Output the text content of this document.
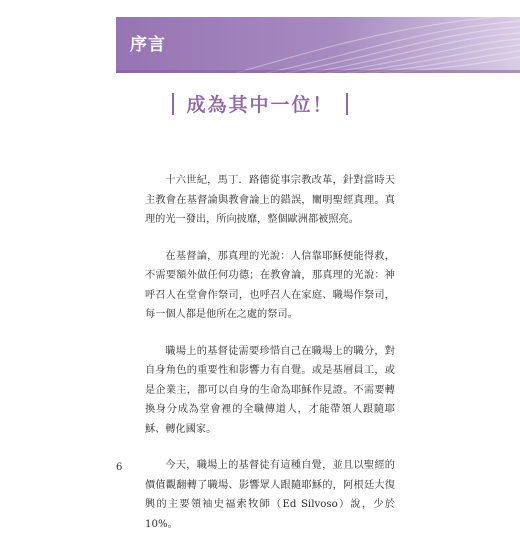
序言
成為其中一位！

十六世紀，馬丁．路德從事宗教改革，針對當時天主教會在基督論與教會論上的錯誤，闡明聖經真理。真理的光一發出，所向披靡，整個歐洲都被照亮。

在基督論，那真理的光說：人信靠耶穌便能得救，不需要額外做任何功德；在教會論，那真理的光說：神呼召人在堂會作祭司，也呼召人在家庭、職場作祭司，每一個人都是他所在之處的祭司。

職場上的基督徒需要珍惜自己在職場上的職分，對自身角色的重要性和影響力有自覺。或是基層員工，或是企業主，都可以自身的生命為耶穌作見證。不需要轉換身分成為堂會裡的全職傳道人，才能帶領人跟隨耶穌、轉化國家。

今天，職場上的基督徒有這種自覺，並且以聖經的價值觀翻轉了職場、影響眾人跟隨耶穌的，阿根廷大復興的主要領袖史福索牧師（Ed Silvoso）說，少於 10%。

6
